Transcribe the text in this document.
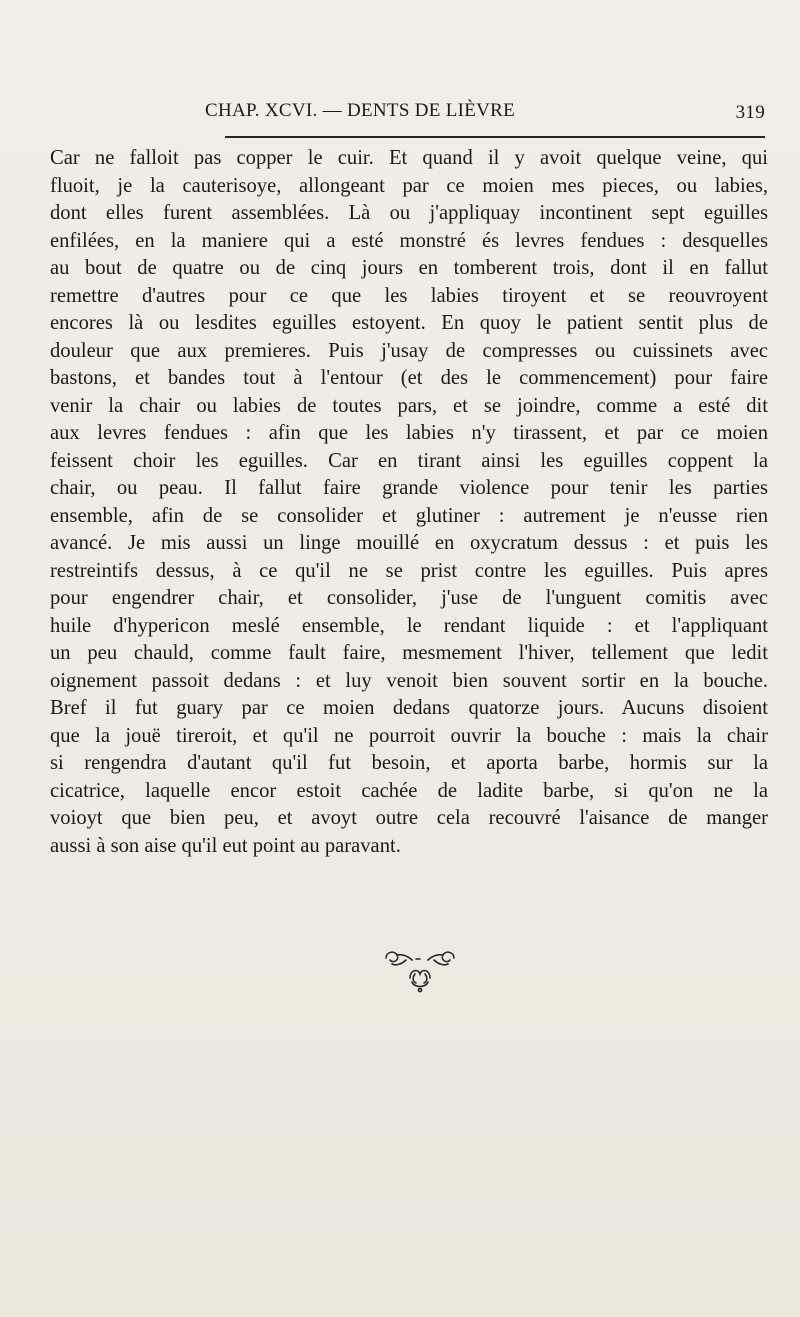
CHAP. XCVI. — DENTS DE LIÈVRE	319
Car ne falloit pas copper le cuir. Et quand il y avoit quelque veine, qui
fluoit, je la cauterisoye, allongeant par ce moien mes pieces, ou labies,
dont elles furent assemblées. Là ou j'appliquay incontinent sept eguilles
enfilées, en la maniere qui a esté monstré és levres fendues : desquelles
au bout de quatre ou de cinq jours en tomberent trois, dont il en fallut
remettre d'autres pour ce que les labies tiroyent et se reouvroyent
encores là ou lesdites eguilles estoyent. En quoy le patient sentit plus de
douleur que aux premieres. Puis j'usay de compresses ou cuissinets avec
bastons, et bandes tout à l'entour (et des le commencement) pour faire
venir la chair ou labies de toutes pars, et se joindre, comme a esté dit
aux levres fendues : afin que les labies n'y tirassent, et par ce moien
feissent choir les eguilles. Car en tirant ainsi les eguilles coppent la
chair, ou peau. Il fallut faire grande violence pour tenir les parties
ensemble, afin de se consolider et glutiner : autrement je n'eusse rien
avancé. Je mis aussi un linge mouillé en oxycratum dessus : et puis les
restreintifs dessus, à ce qu'il ne se prist contre les eguilles. Puis apres
pour engendrer chair, et consolider, j'use de l'unguent comitis avec
huile d'hypericon meslé ensemble, le rendant liquide : et l'appliquant
un peu chauld, comme fault faire, mesmement l'hiver, tellement que ledit
oignement passoit dedans : et luy venoit bien souvent sortir en la bouche.
Bref il fut guary par ce moien dedans quatorze jours. Aucuns disoient
que la jouë tireroit, et qu'il ne pourroit ouvrir la bouche : mais la chair
si rengendra d'autant qu'il fut besoin, et aporta barbe, hormis sur la
cicatrice, laquelle encor estoit cachée de ladite barbe, si qu'on ne la
voioyt que bien peu, et avoyt outre cela recouvré l'aisance de manger
aussi à son aise qu'il eut point au paravant.
